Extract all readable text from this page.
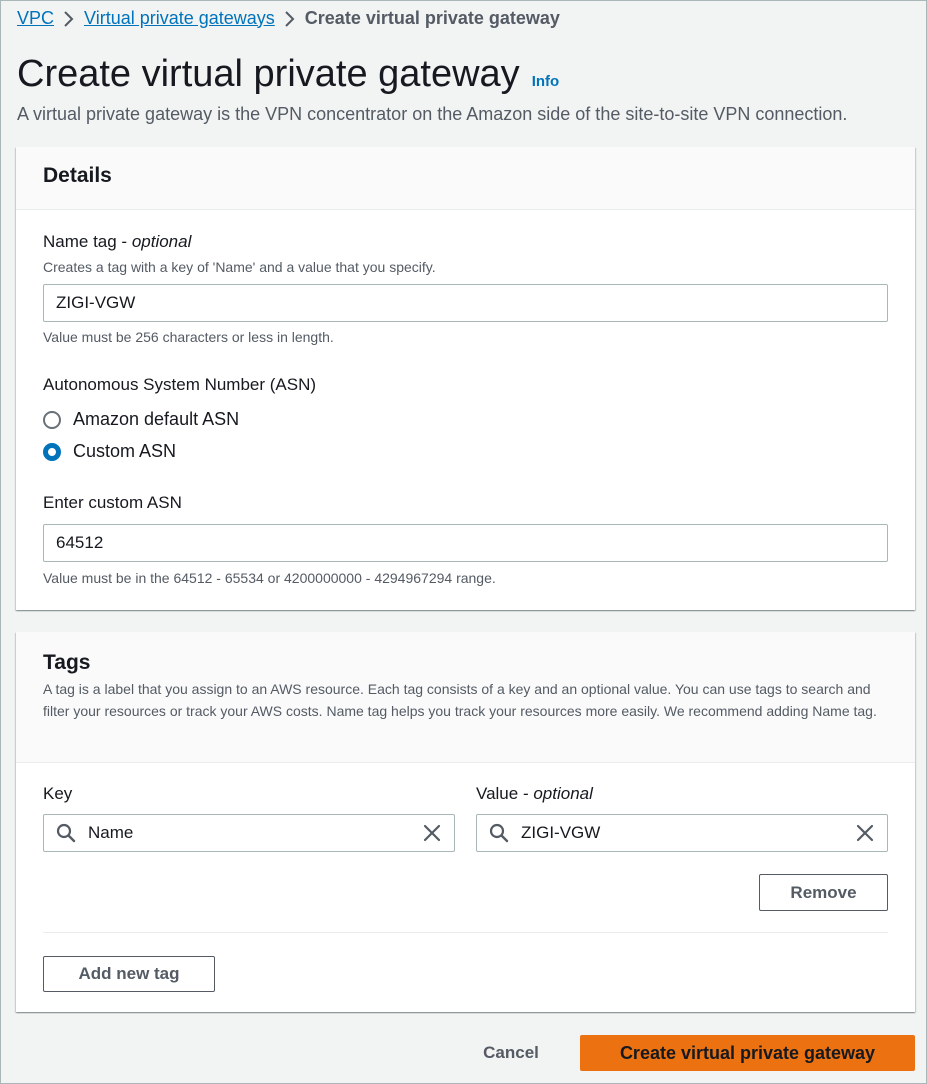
VPC Virtual private gateways Create virtual private gateway
Create virtual private gateway Info
A virtual private gateway is the VPN concentrator on the Amazon side of the site-to-site VPN connection.
Details
Name tag - optional
Creates a tag with a key of 'Name' and a value that you specify.
ZIGI-VGW
Value must be 256 characters or less in length.
Autonomous System Number (ASN)
Amazon default ASN
Custom ASN
Enter custom ASN
64512
Value must be in the 64512 - 65534 or 4200000000 - 4294967294 range.
Tags

A tag is a label that you assign to an AWS resource. Each tag consists of a key and an optional value. You can use tags to search and filter your resources or track your AWS costs. Name tag helps you track your resources more easily. We recommend adding Name tag.

Key	Value - optional
Name	ZIGI-VGW
Remove
Add new tag
Cancel	Create virtual private gateway
